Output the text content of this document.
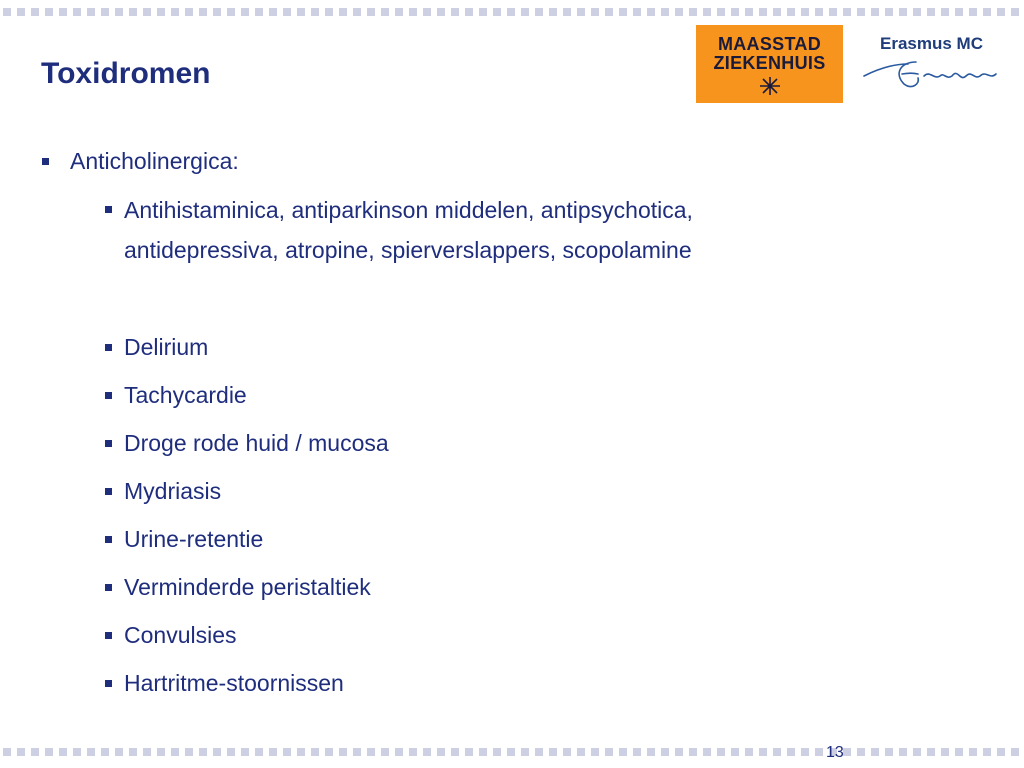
Toxidromen
MAASSTAD
ZIEKENHUIS
Erasmus MC
Anticholinergica:
Antihistaminica, antiparkinson middelen, antipsychotica,
antidepressiva, atropine, spierverslappers, scopolamine
Delirium
Tachycardie
Droge rode huid / mucosa
Mydriasis
Urine-retentie
Verminderde peristaltiek
Convulsies
Hartritme-stoornissen
13
